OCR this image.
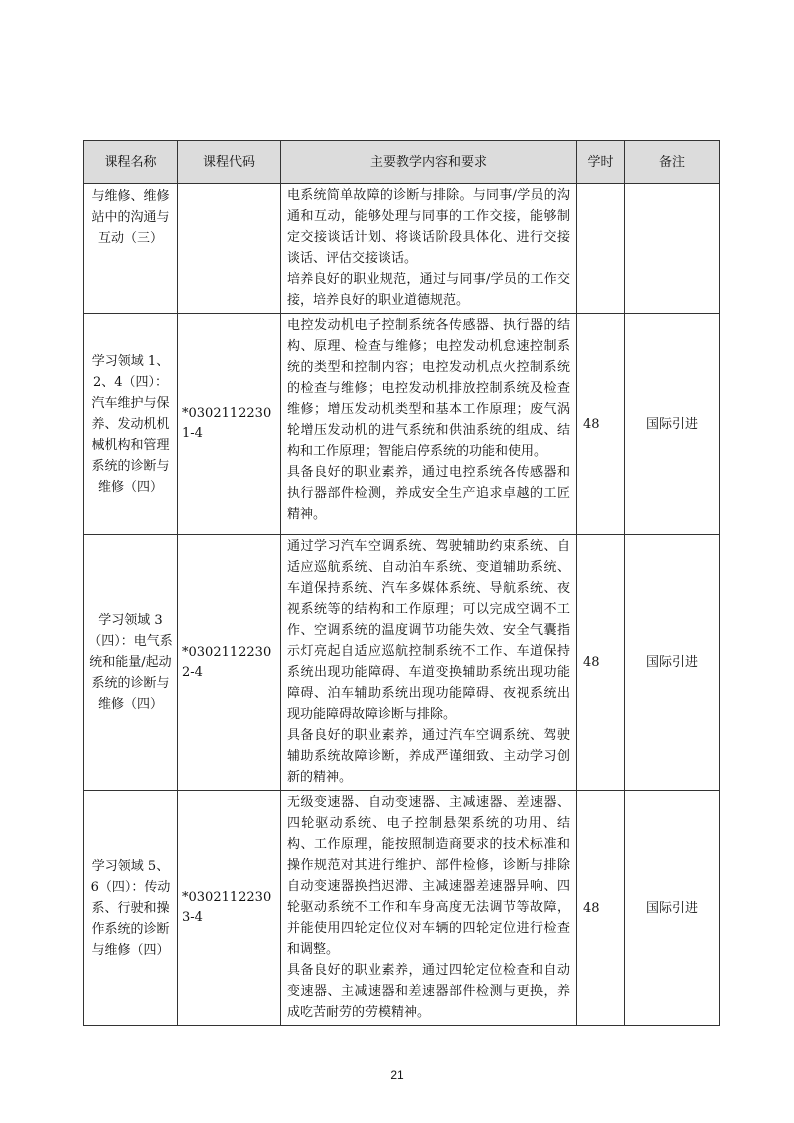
课程名称	课程代码	主要教学内容和要求	学时	备注
与维修、维修站中的沟通与互动（三）		电系统简单故障的诊断与排除。与同事/学员的沟通和互动，能够处理与同事的工作交接，能够制定交接谈话计划、将谈话阶段具体化、进行交接谈话、评估交接谈话。

培养良好的职业规范，通过与同事/学员的工作交接，培养良好的职业道德规范。		

学习领域 1、2、4（四）：汽车维护与保养、发动机机械机构和管理系统的诊断与维修（四）	*03021122301-4	电控发动机电子控制系统各传感器、执行器的结构、原理、检查与维修；电控发动机怠速控制系统的类型和控制内容；电控发动机点火控制系统的检查与维修；电控发动机排放控制系统及检查维修；增压发动机类型和基本工作原理；废气涡轮增压发动机的进气系统和供油系统的组成、结构和工作原理；智能启停系统的功能和使用。

具备良好的职业素养，通过电控系统各传感器和执行器部件检测，养成安全生产追求卓越的工匠精神。	48	国际引进
学习领域 3（四）：电气系统和能量/起动系统的诊断与维修（四）	*03021122302-4	通过学习汽车空调系统、驾驶辅助约束系统、自适应巡航系统、自动泊车系统、变道辅助系统、车道保持系统、汽车多媒体系统、导航系统、夜视系统等的结构和工作原理；可以完成空调不工作、空调系统的温度调节功能失效、安全气囊指示灯亮起自适应巡航控制系统不工作、车道保持系统出现功能障碍、车道变换辅助系统出现功能障碍、泊车辅助系统出现功能障碍、夜视系统出现功能障碍故障诊断与排除。

具备良好的职业素养，通过汽车空调系统、驾驶辅助系统故障诊断，养成严谨细致、主动学习创新的精神。	48	国际引进
学习领域 5、6（四）：传动系、行驶和操作系统的诊断与维修（四）	*03021122303-4	无级变速器、自动变速器、主减速器、差速器、四轮驱动系统、电子控制悬架系统的功用、结构、工作原理，能按照制造商要求的技术标准和操作规范对其进行维护、部件检修，诊断与排除自动变速器换挡迟滞、主减速器差速器异响、四轮驱动系统不工作和车身高度无法调节等故障，并能使用四轮定位仪对车辆的四轮定位进行检查和调整。

具备良好的职业素养，通过四轮定位检查和自动变速器、主减速器和差速器部件检测与更换，养成吃苦耐劳的劳模精神。	48	国际引进
21
